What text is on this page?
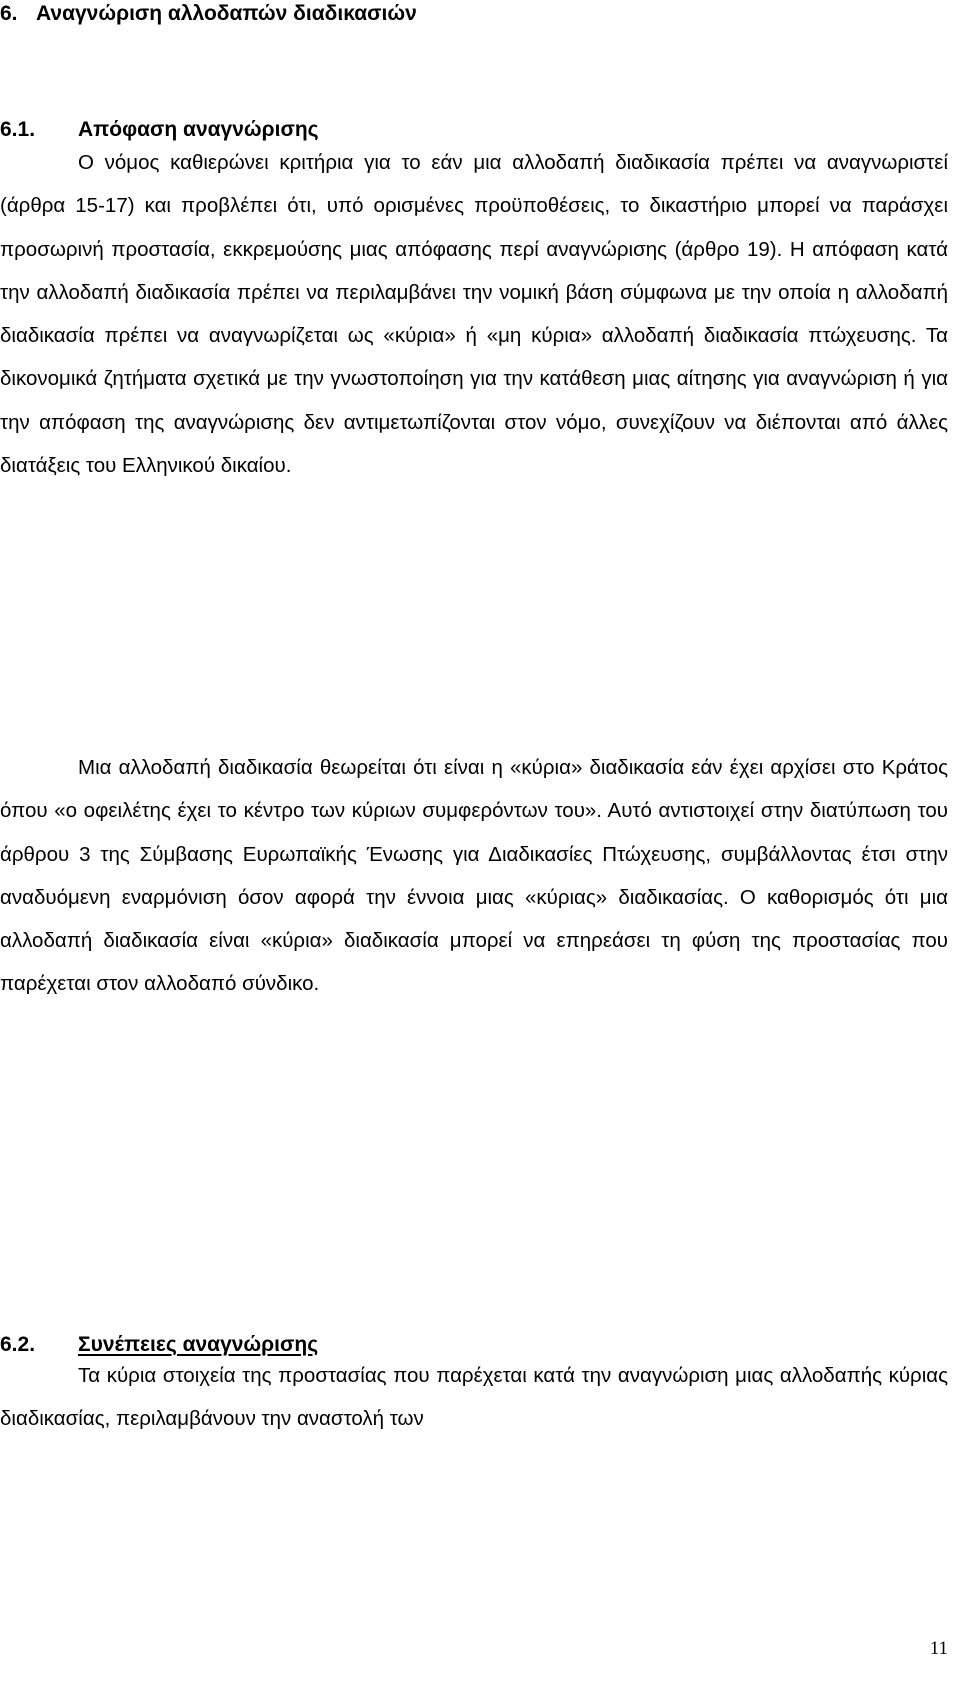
6. Αναγνώριση αλλοδαπών διαδικασιών
6.1. Απόφαση αναγνώρισης

Ο νόμος καθιερώνει κριτήρια για το εάν μια αλλοδαπή διαδικασία πρέπει να αναγνωριστεί (άρθρα 15-17) και προβλέπει ότι, υπό ορισμένες προϋποθέσεις, το δικαστήριο μπορεί να παράσχει προσωρινή προστασία, εκκρεμούσης μιας απόφασης περί αναγνώρισης (άρθρο 19). Η απόφαση κατά την αλλοδαπή διαδικασία πρέπει να περιλαμβάνει την νομική βάση σύμφωνα με την οποία η αλλοδαπή διαδικασία πρέπει να αναγνωρίζεται ως «κύρια» ή «μη κύρια» αλλοδαπή διαδικασία πτώχευσης. Τα δικονομικά ζητήματα σχετικά με την γνωστοποίηση για την κατάθεση μιας αίτησης για αναγνώριση ή για την απόφαση της αναγνώρισης δεν αντιμετωπίζονται στον νόμο, συνεχίζουν να διέπονται από άλλες διατάξεις του Ελληνικού δικαίου.

Μια αλλοδαπή διαδικασία θεωρείται ότι είναι η «κύρια» διαδικασία εάν έχει αρχίσει στο Κράτος όπου «ο οφειλέτης έχει το κέντρο των κύριων συμφερόντων του». Αυτό αντιστοιχεί στην διατύπωση του άρθρου 3 της Σύμβασης Ευρωπαϊκής Ένωσης για Διαδικασίες Πτώχευσης, συμβάλλοντας έτσι στην αναδυόμενη εναρμόνιση όσον αφορά την έννοια μιας «κύριας» διαδικασίας. Ο καθορισμός ότι μια αλλοδαπή διαδικασία είναι «κύρια» διαδικασία μπορεί να επηρεάσει τη φύση της προστασίας που παρέχεται στον αλλοδαπό σύνδικο.

6.2. Συνέπειες αναγνώρισης

Τα κύρια στοιχεία της προστασίας που παρέχεται κατά την αναγνώριση μιας αλλοδαπής κύριας διαδικασίας, περιλαμβάνουν την αναστολή των

11
